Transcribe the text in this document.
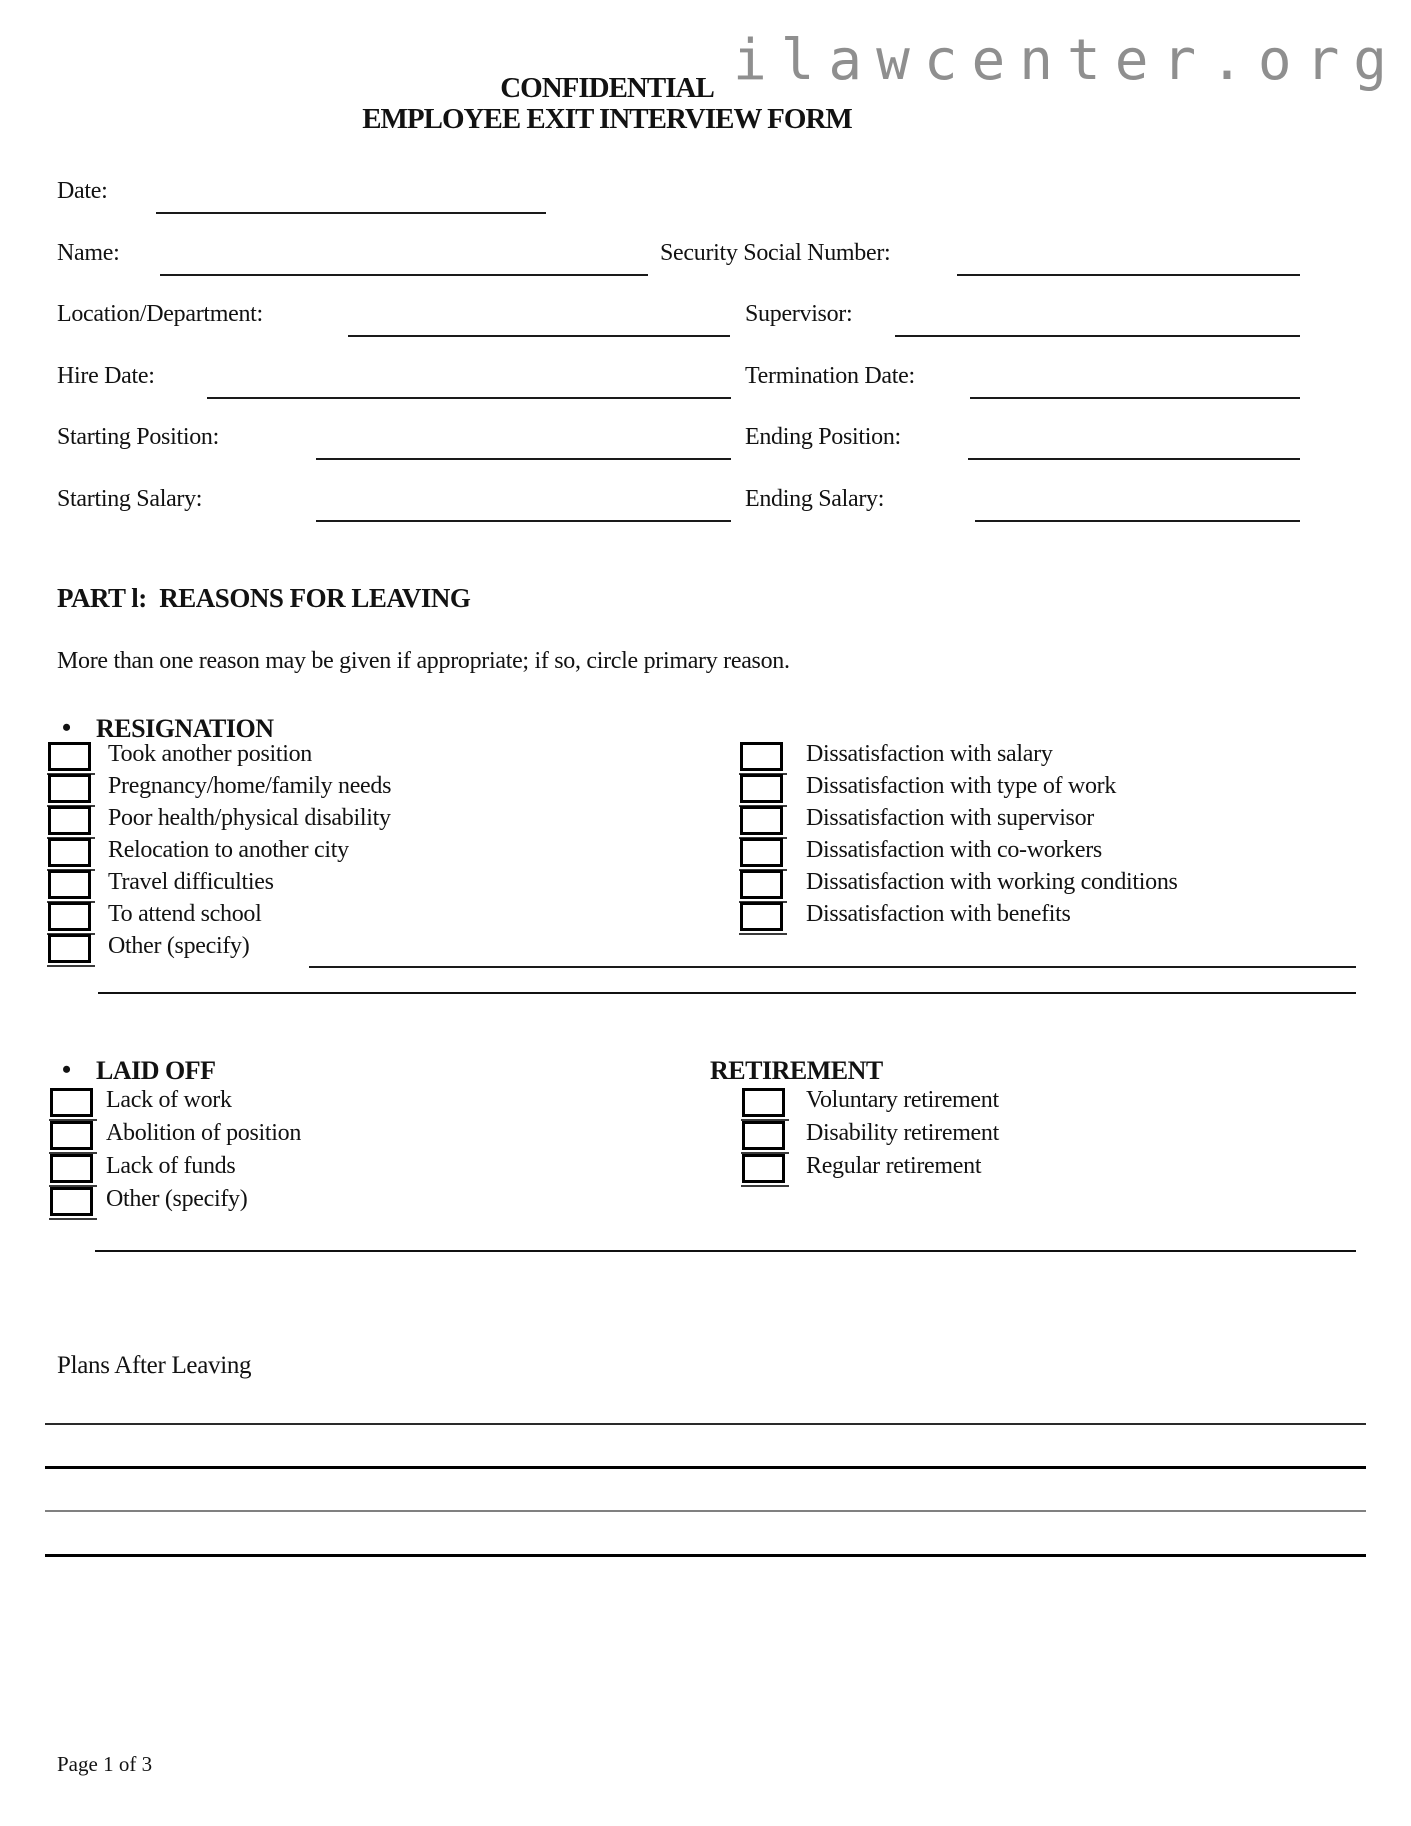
ilawcenter.org
CONFIDENTIAL
EMPLOYEE EXIT INTERVIEW FORM
Date:
Name:	Security Social Number:
Location/Department:	Supervisor:
Hire Date:	Termination Date:
Starting Position:	Ending Position:
Starting Salary:	Ending Salary:
PART l:  REASONS FOR LEAVING
More than one reason may be given if appropriate; if so, circle primary reason.
• RESIGNATION
Took another position
Pregnancy/home/family needs
Poor health/physical disability
Relocation to another city
Travel difficulties
To attend school
Other (specify)
Dissatisfaction with salary
Dissatisfaction with type of work
Dissatisfaction with supervisor
Dissatisfaction with co-workers
Dissatisfaction with working conditions
Dissatisfaction with benefits
• LAID OFF	RETIREMENT
Lack of work
Abolition of position
Lack of funds
Other (specify)
Voluntary retirement
Disability retirement
Regular retirement
Plans After Leaving
Page 1 of 3
